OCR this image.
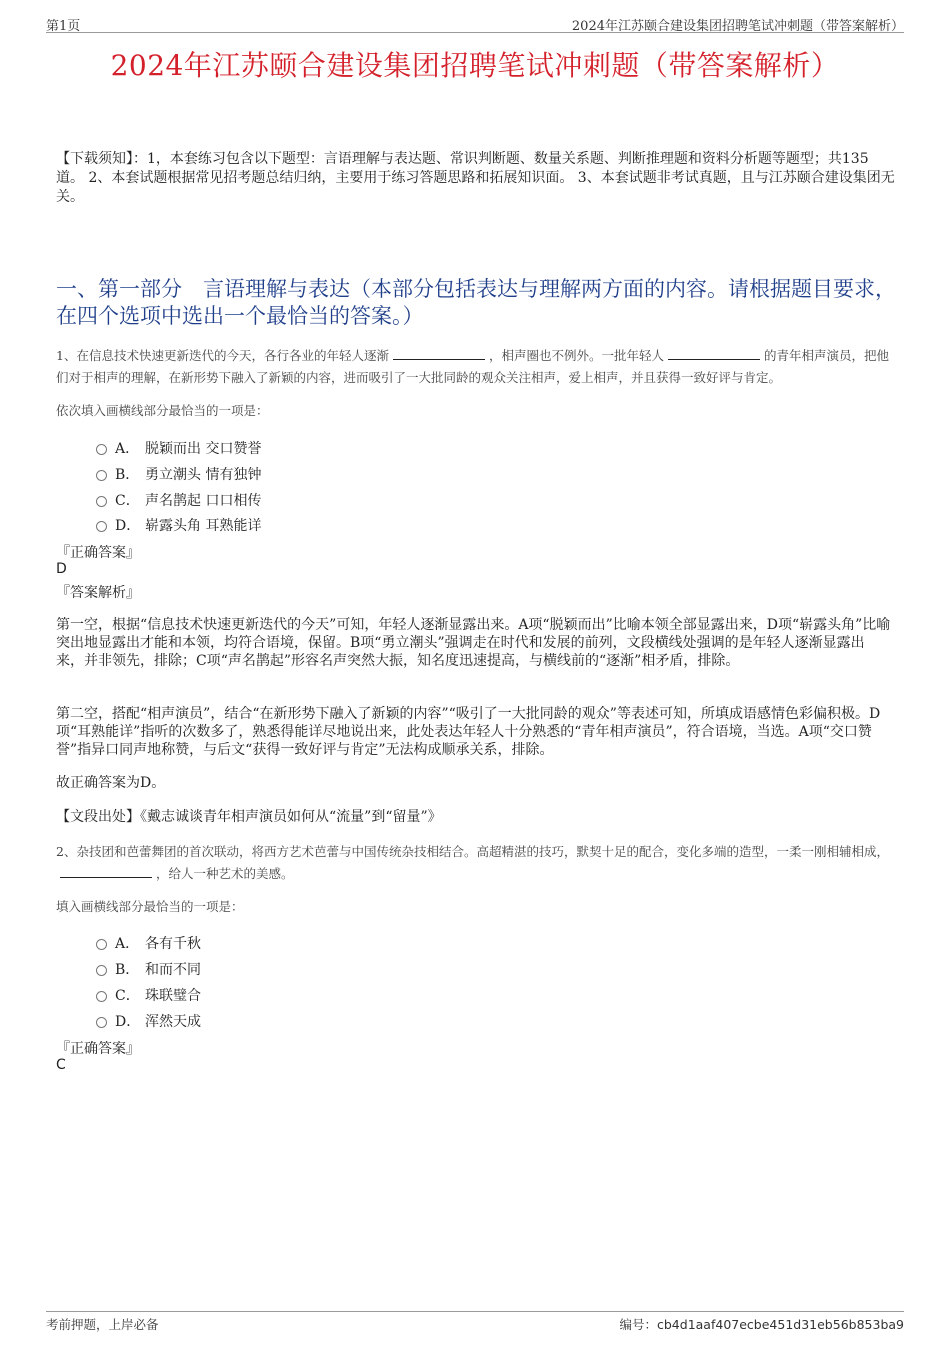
第1页	2024年江苏颐合建设集团招聘笔试冲刺题（带答案解析）
2024年江苏颐合建设集团招聘笔试冲刺题（带答案解析）
【下载须知】：1，本套练习包含以下题型：言语理解与表达题、常识判断题、数量关系题、判断推理题和资料分析题等题型；共135道。 2、本套试题根据常见招考题总结归纳，主要用于练习答题思路和拓展知识面。 3、本套试题非考试真题，且与江苏颐合建设集团无关。
一、第一部分　言语理解与表达（本部分包括表达与理解两方面的内容。请根据题目要求，在四个选项中选出一个最恰当的答案。）
1、在信息技术快速更新迭代的今天，各行各业的年轻人逐渐	，相声圈也不例外。一批年轻人	的青年相声演员，把他们对于相声的理解，在新形势下融入了新颖的内容，进而吸引了一大批同龄的观众关注相声，爱上相声，并且获得一致好评与肯定。
依次填入画横线部分最恰当的一项是：
A． 脱颖而出 交口赞誉
B． 勇立潮头 情有独钟
C． 声名鹊起 口口相传
D． 崭露头角 耳熟能详
『正确答案』
D
『答案解析』
第一空，根据“信息技术快速更新迭代的今天”可知，年轻人逐渐显露出来。A项“脱颖而出”比喻本领全部显露出来，D项“崭露头角”比喻突出地显露出才能和本领，均符合语境，保留。B项“勇立潮头”强调走在时代和发展的前列，文段横线处强调的是年轻人逐渐显露出来，并非领先，排除；C项“声名鹊起”形容名声突然大振，知名度迅速提高，与横线前的“逐渐”相矛盾，排除。
第二空，搭配“相声演员”，结合“在新形势下融入了新颖的内容”“吸引了一大批同龄的观众”等表述可知，所填成语感情色彩偏积极。D项“耳熟能详”指听的次数多了，熟悉得能详尽地说出来，此处表达年轻人十分熟悉的“青年相声演员”，符合语境，当选。A项“交口赞誉”指异口同声地称赞，与后文“获得一致好评与肯定”无法构成顺承关系，排除。
故正确答案为D。
【文段出处】《戴志诚谈青年相声演员如何从“流量”到“留量”》
2、杂技团和芭蕾舞团的首次联动，将西方艺术芭蕾与中国传统杂技相结合。高超精湛的技巧，默契十足的配合，变化多端的造型，一柔一刚相辅相成，，给人一种艺术的美感。
填入画横线部分最恰当的一项是：
A． 各有千秋
B． 和而不同
C． 珠联璧合
D． 浑然天成
『正确答案』
C
考前押题，上岸必备	编号：cb4d1aaf407ecbe451d31eb56b853ba9
